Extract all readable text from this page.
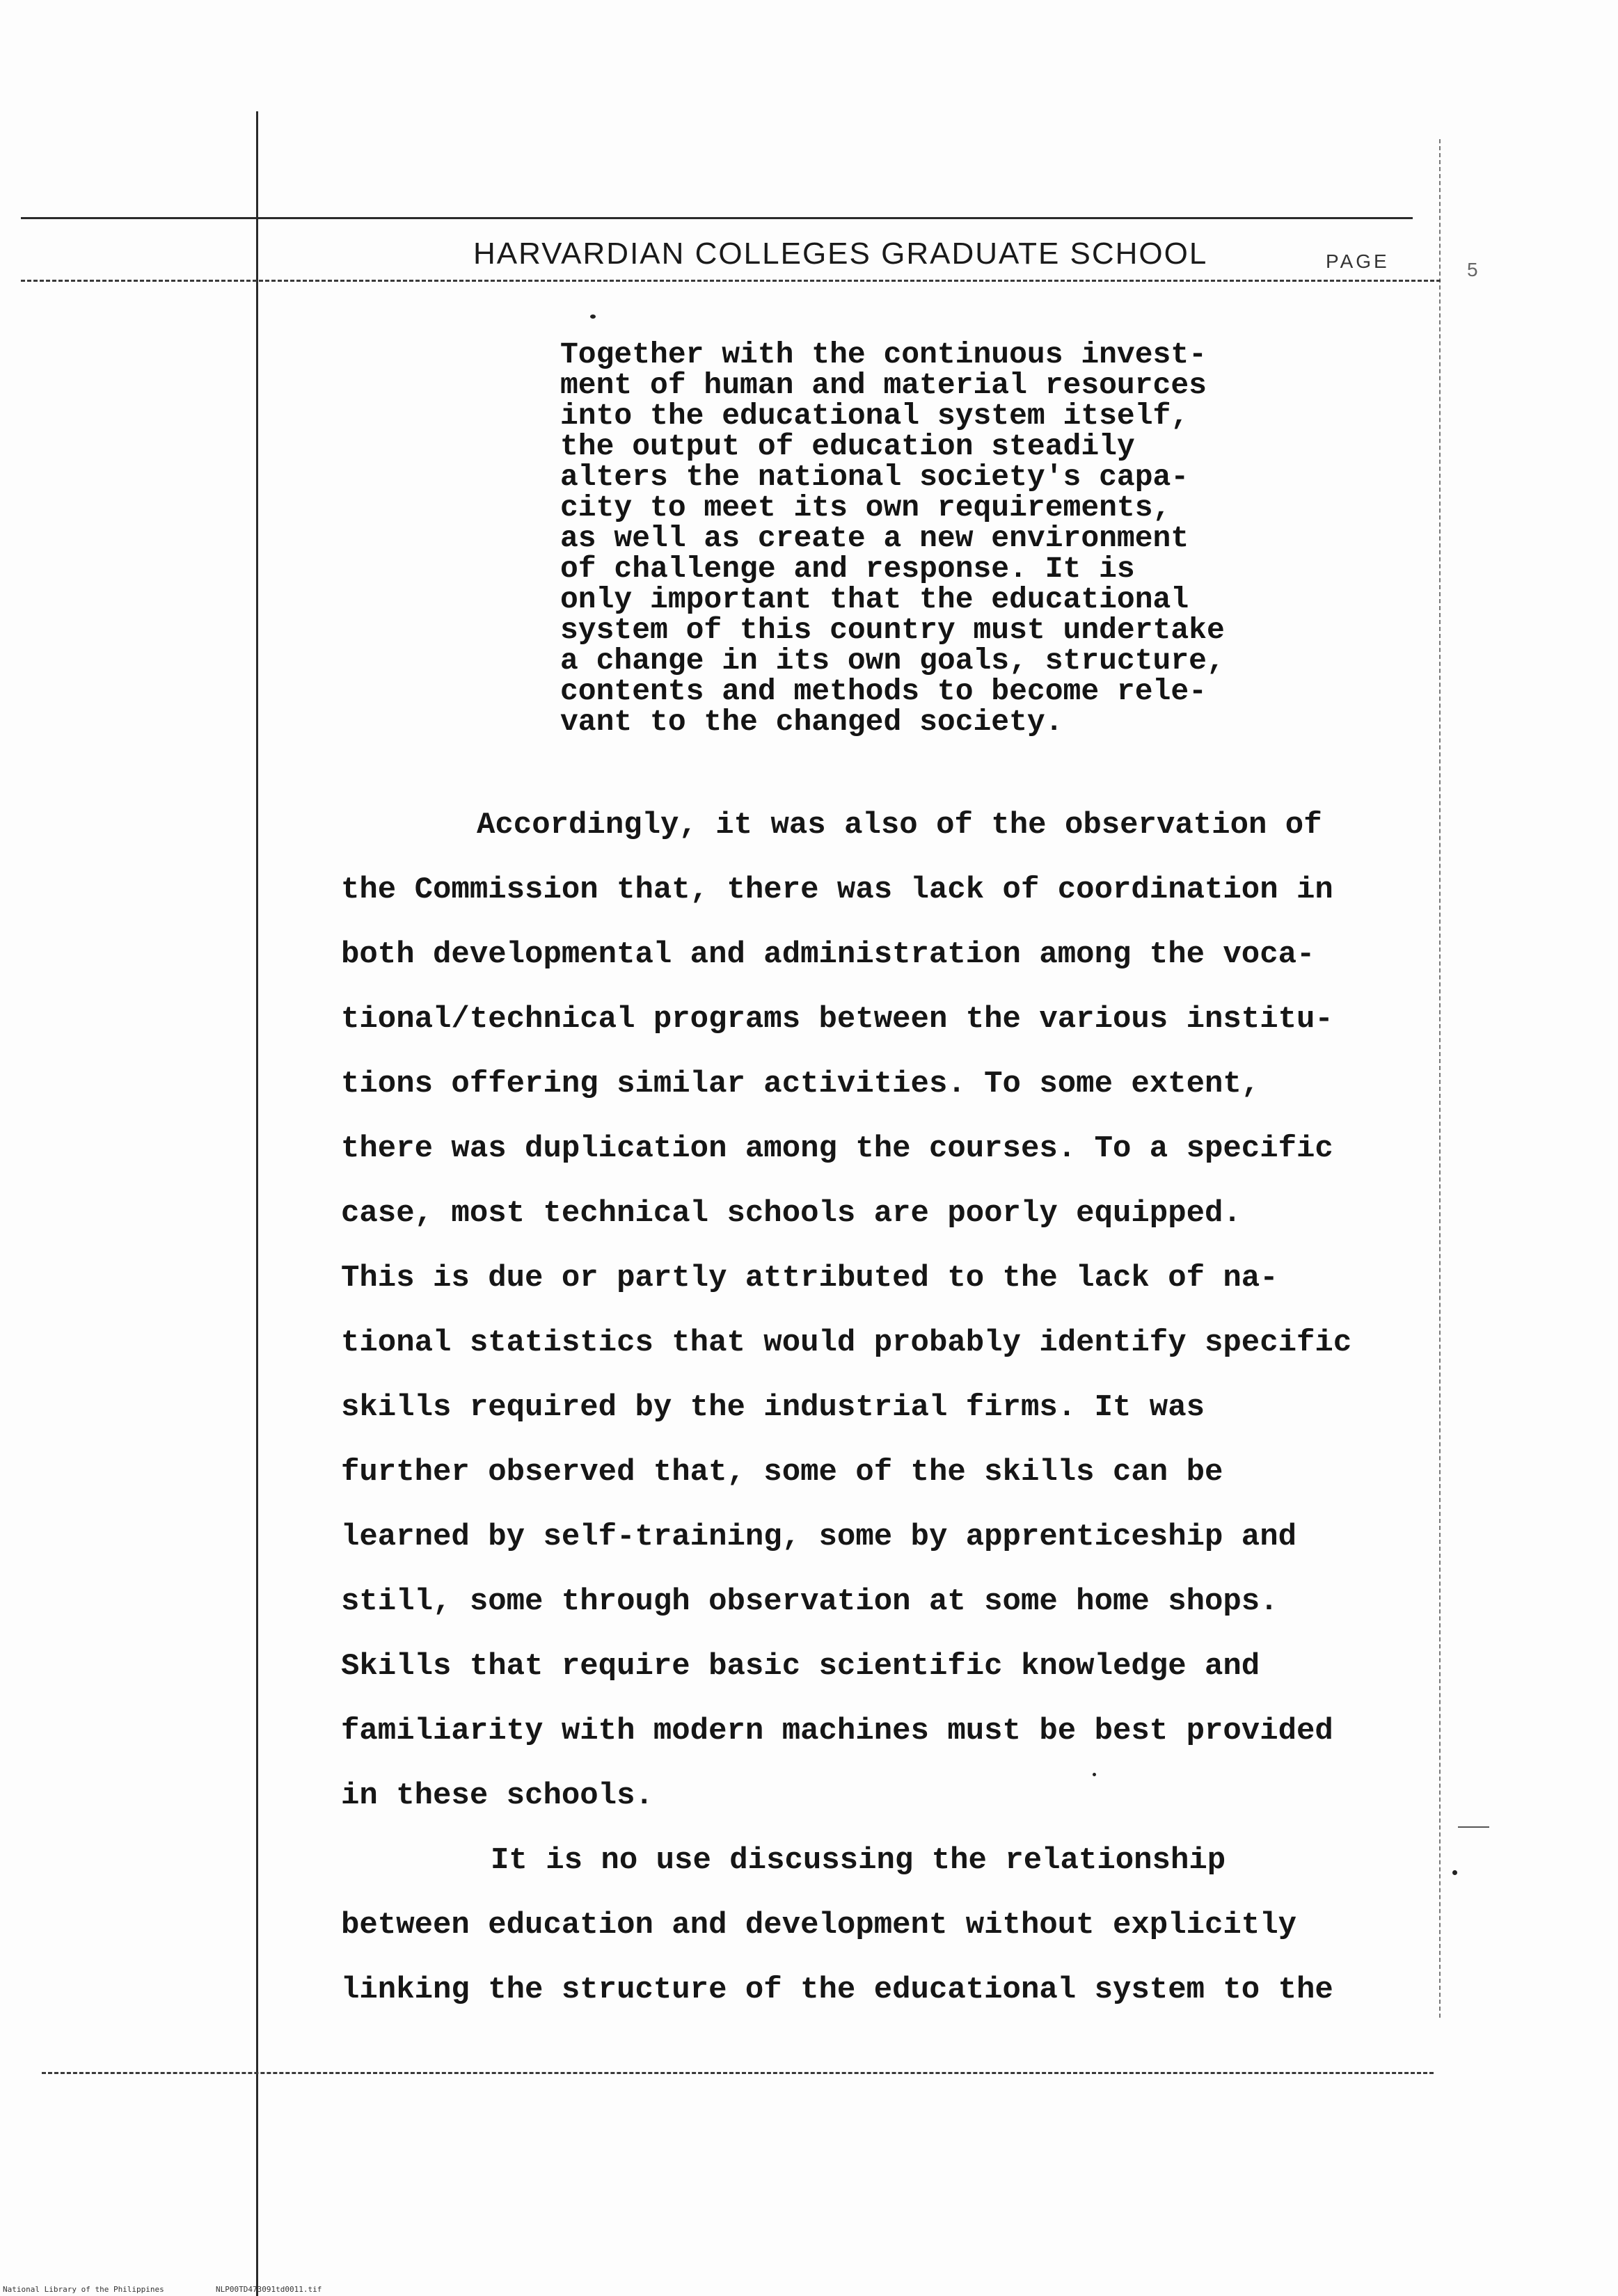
HARVARDIAN COLLEGES GRADUATE SCHOOL	PAGE	5
Together with the continuous invest-
ment of human and material resources
into the educational system itself,
the output of education steadily
alters the national society's capa-
city to meet its own requirements,
as well as create a new environment
of challenge and response. It is
only important that the educational
system of this country must undertake
a change in its own goals, structure,
contents and methods to become rele-
vant to the changed society.
Accordingly, it was also of the observation of
the Commission that, there was lack of coordination in
both developmental and administration among the voca-
tional/technical programs between the various institu-
tions offering similar activities. To some extent,
there was duplication among the courses. To a specific
case, most technical schools are poorly equipped.
This is due or partly attributed to the lack of na-
tional statistics that would probably identify specific
skills required by the industrial firms. It was
further observed that, some of the skills can be
learned by self-training, some by apprenticeship and
still, some through observation at some home shops.
Skills that require basic scientific knowledge and
familiarity with modern machines must be best provided
in these schools.
It is no use discussing the relationship
between education and development without explicitly
linking the structure of the educational system to the
National Library of the Philippines	NLP00TD473091td0011.tif
